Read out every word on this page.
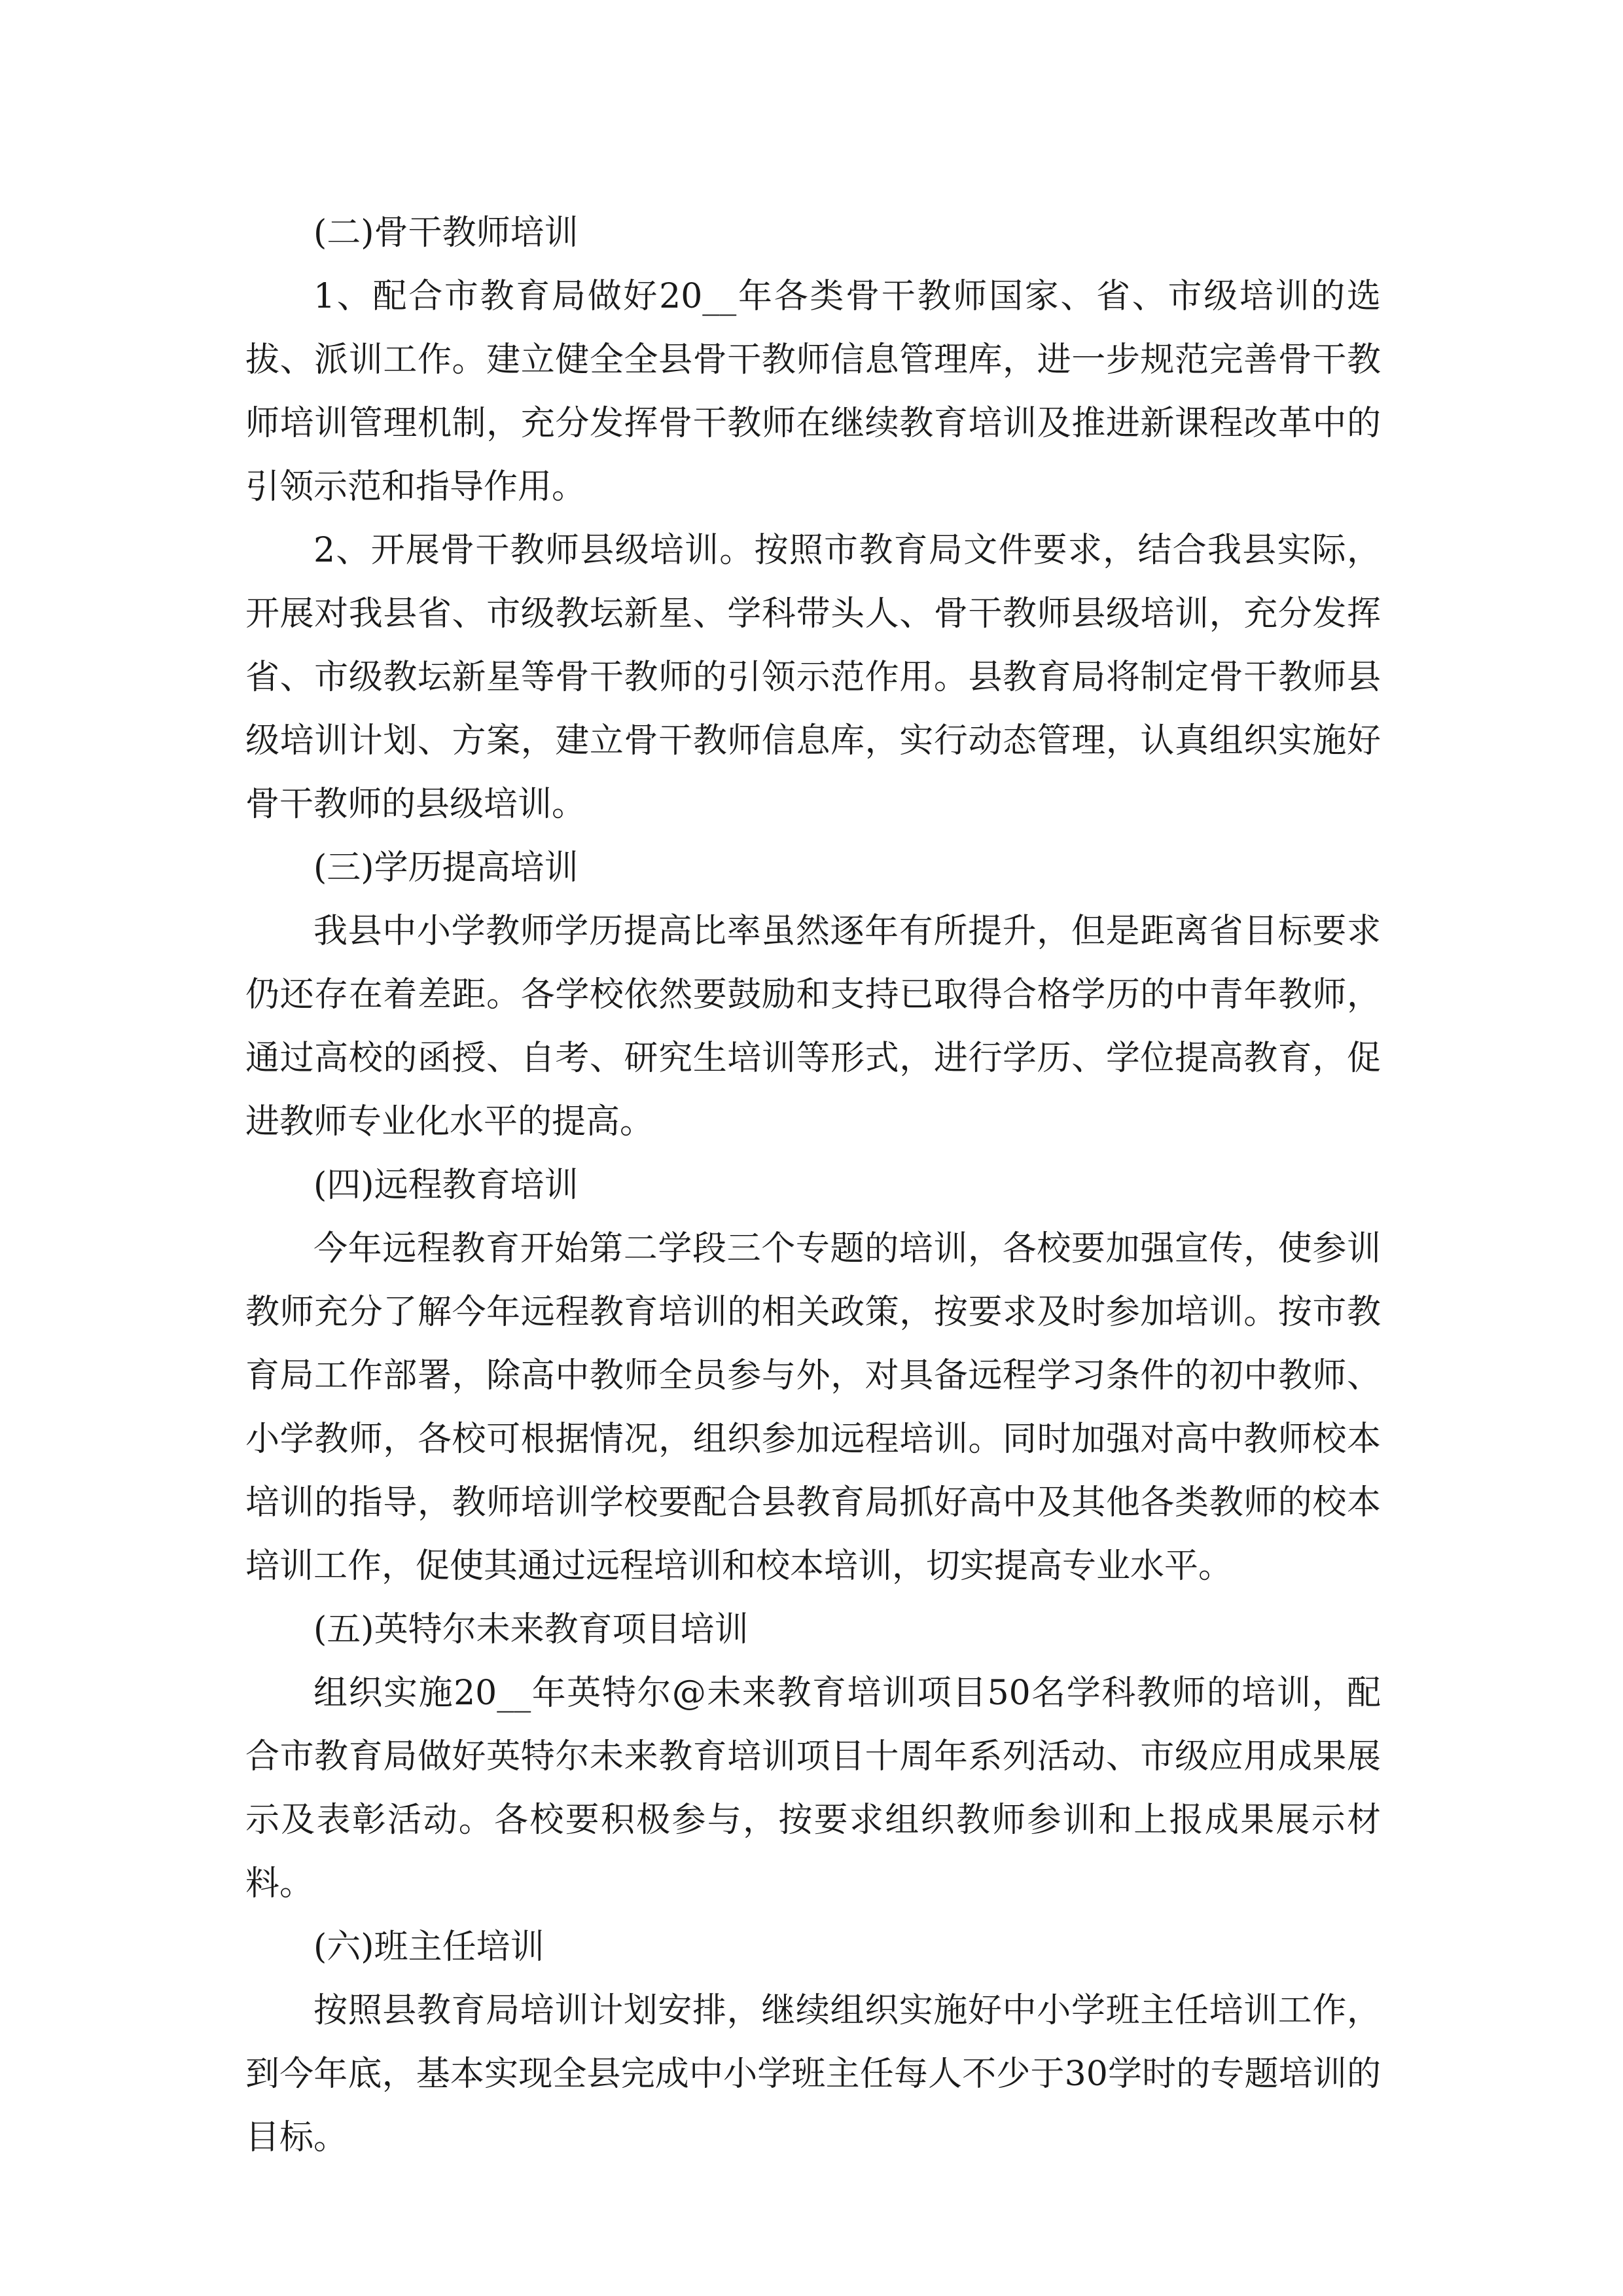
(二)骨干教师培训

1、配合市教育局做好20__年各类骨干教师国家、省、市级培训的选拔、派训工作。建立健全全县骨干教师信息管理库，进一步规范完善骨干教师培训管理机制，充分发挥骨干教师在继续教育培训及推进新课程改革中的引领示范和指导作用。

2、开展骨干教师县级培训。按照市教育局文件要求，结合我县实际，开展对我县省、市级教坛新星、学科带头人、骨干教师县级培训，充分发挥省、市级教坛新星等骨干教师的引领示范作用。县教育局将制定骨干教师县级培训计划、方案，建立骨干教师信息库，实行动态管理，认真组织实施好骨干教师的县级培训。

(三)学历提高培训

我县中小学教师学历提高比率虽然逐年有所提升，但是距离省目标要求仍还存在着差距。各学校依然要鼓励和支持已取得合格学历的中青年教师，通过高校的函授、自考、研究生培训等形式，进行学历、学位提高教育，促进教师专业化水平的提高。

(四)远程教育培训

今年远程教育开始第二学段三个专题的培训，各校要加强宣传，使参训教师充分了解今年远程教育培训的相关政策，按要求及时参加培训。按市教育局工作部署，除高中教师全员参与外，对具备远程学习条件的初中教师、小学教师，各校可根据情况，组织参加远程培训。同时加强对高中教师校本培训的指导，教师培训学校要配合县教育局抓好高中及其他各类教师的校本培训工作，促使其通过远程培训和校本培训，切实提高专业水平。

(五)英特尔未来教育项目培训

组织实施20__年英特尔@未来教育培训项目50名学科教师的培训，配合市教育局做好英特尔未来教育培训项目十周年系列活动、市级应用成果展示及表彰活动。各校要积极参与，按要求组织教师参训和上报成果展示材料。

(六)班主任培训

按照县教育局培训计划安排，继续组织实施好中小学班主任培训工作，到今年底，基本实现全县完成中小学班主任每人不少于30学时的专题培训的目标。
